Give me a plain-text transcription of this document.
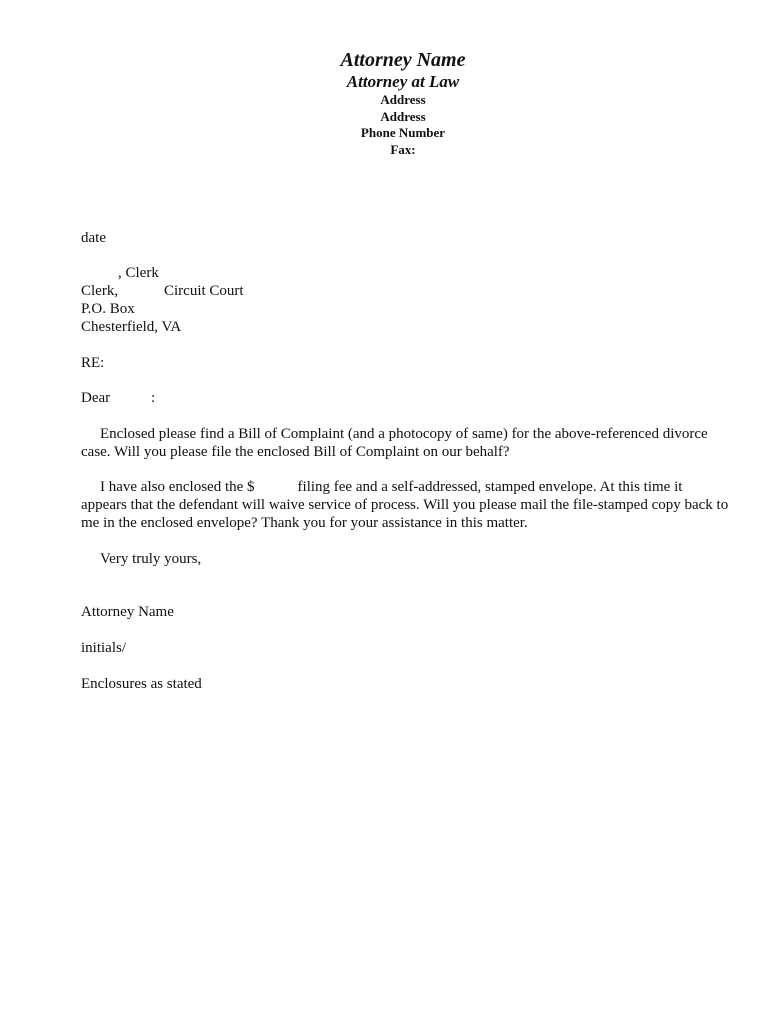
Attorney Name
Attorney at Law
Address
Address
Phone Number
Fax:
date
, Clerk
Clerk,	Circuit Court
P.O. Box
Chesterfield, VA
RE:
Dear	:
Enclosed please find a Bill of Complaint (and a photocopy of same) for the above-referenced divorce case. Will you please file the enclosed Bill of Complaint on our behalf?
I have also enclosed the $	filing fee and a self-addressed, stamped envelope. At this time it appears that the defendant will waive service of process. Will you please mail the file-stamped copy back to me in the enclosed envelope? Thank you for your assistance in this matter.
Very truly yours,
Attorney Name
initials/
Enclosures as stated
